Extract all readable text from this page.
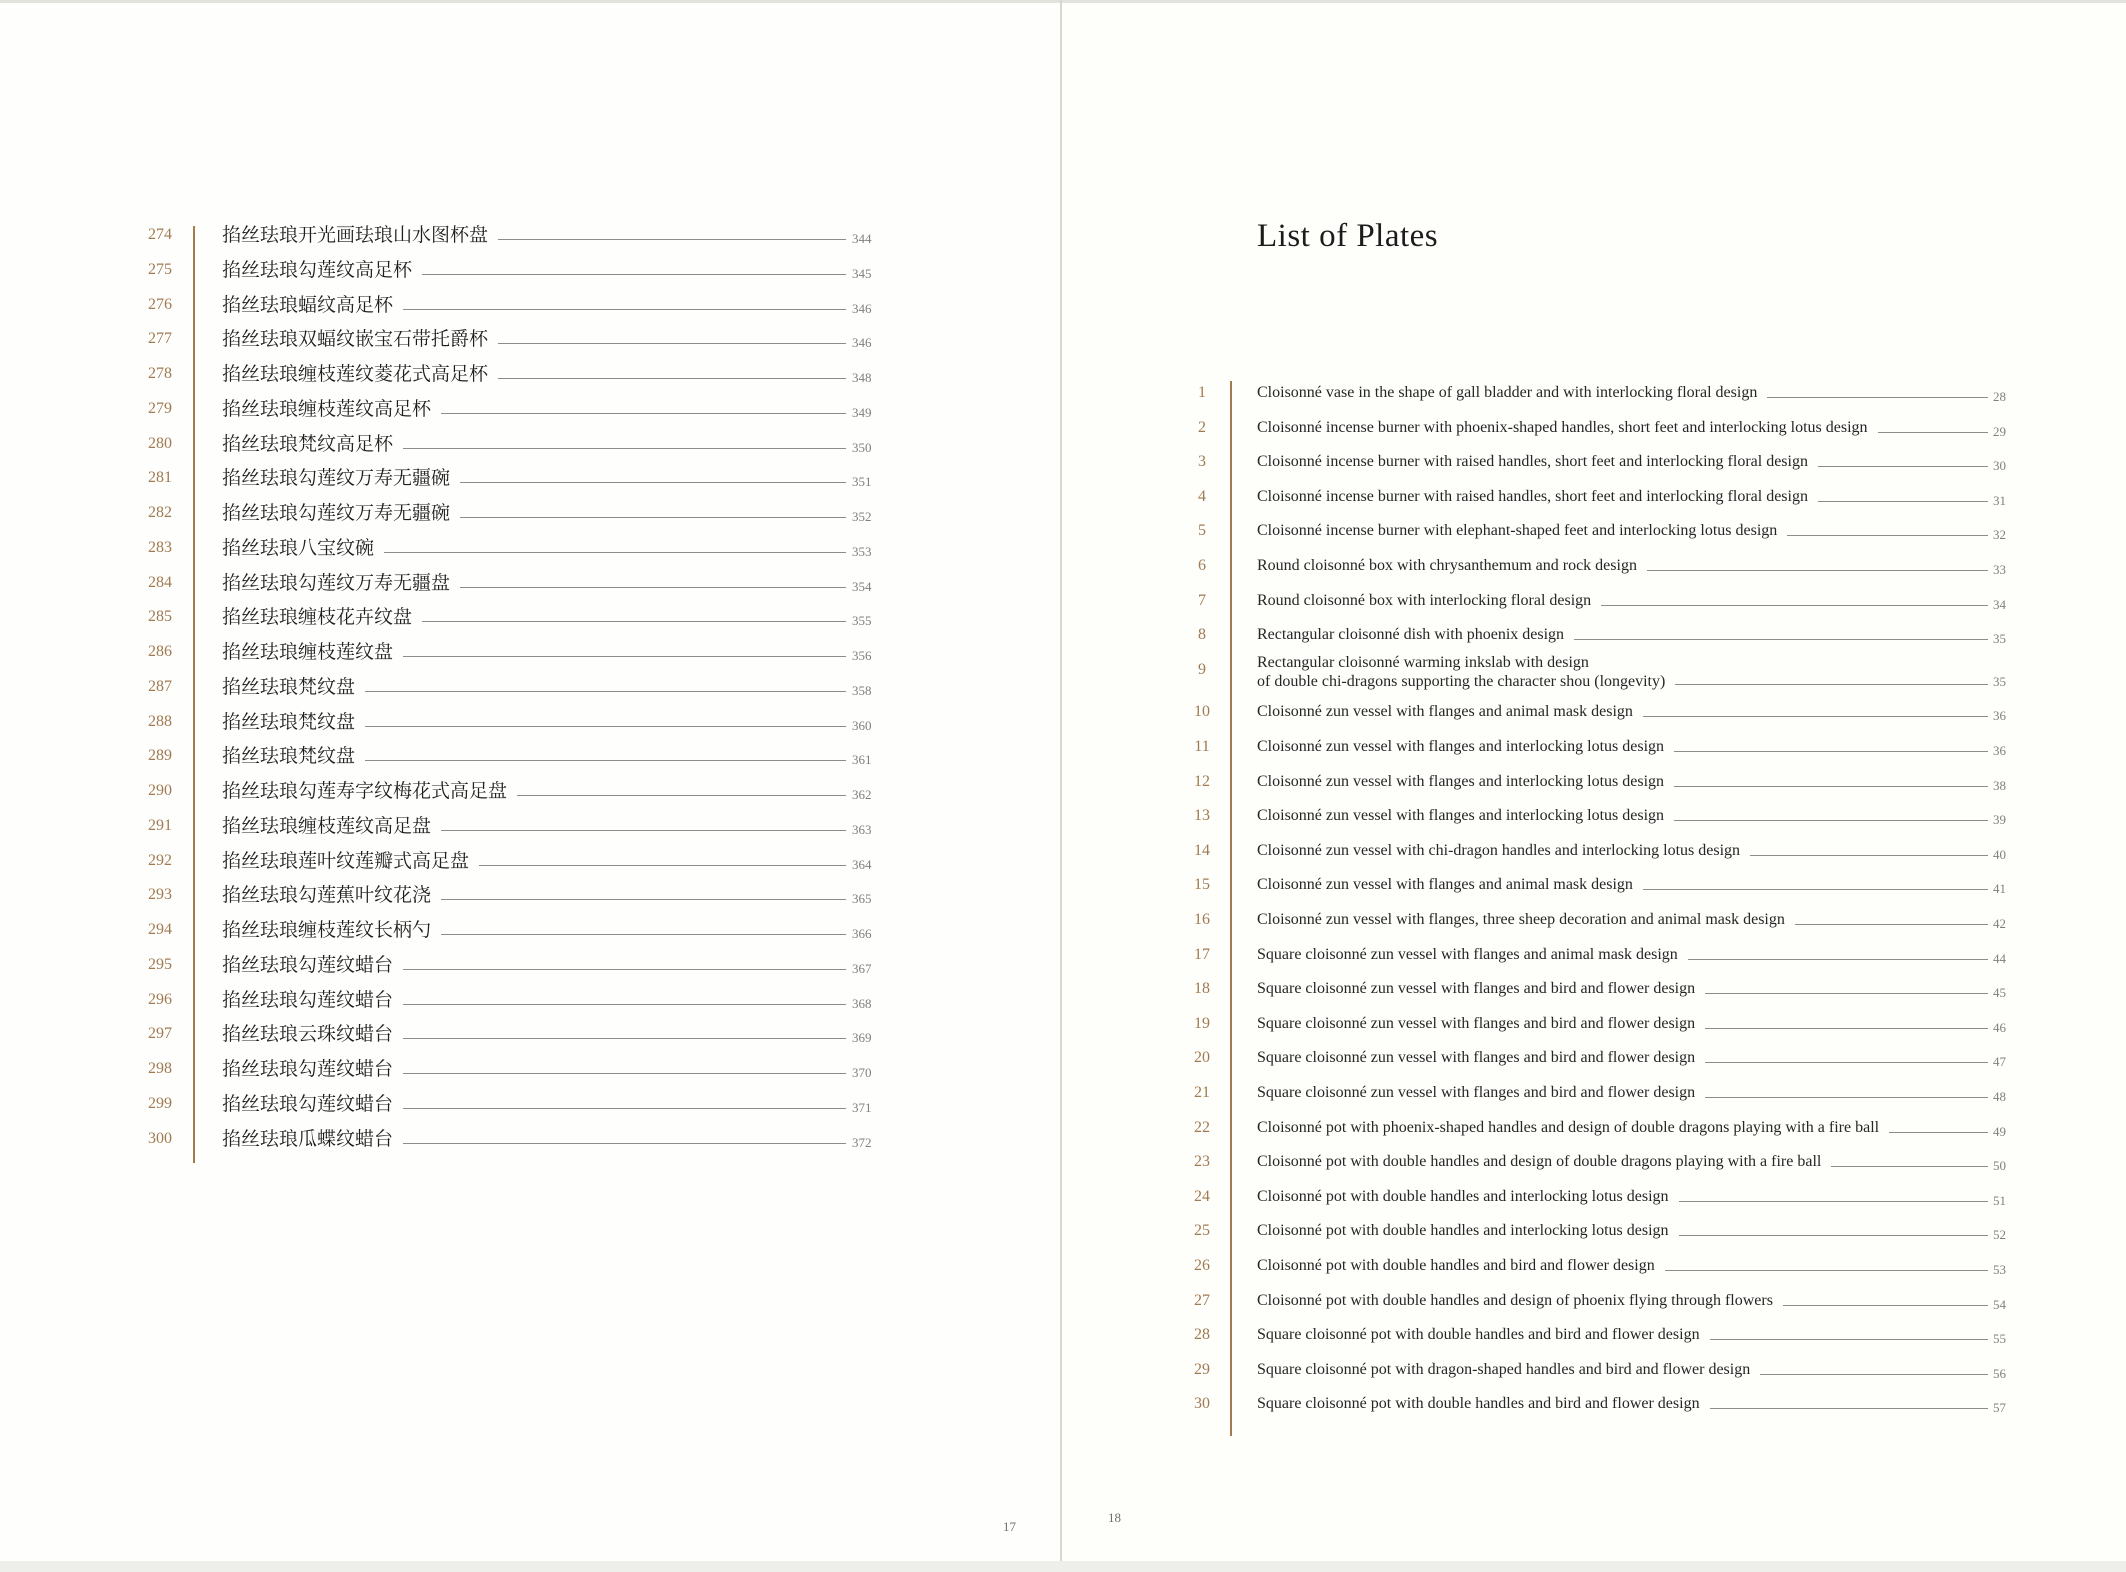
274	掐丝珐琅开光画珐琅山水图杯盘	344
275	掐丝珐琅勾莲纹高足杯	345
276	掐丝珐琅蝠纹高足杯	346
277	掐丝珐琅双蝠纹嵌宝石带托爵杯	346
278	掐丝珐琅缠枝莲纹菱花式高足杯	348
279	掐丝珐琅缠枝莲纹高足杯	349
280	掐丝珐琅梵纹高足杯	350
281	掐丝珐琅勾莲纹万寿无疆碗	351
282	掐丝珐琅勾莲纹万寿无疆碗	352
283	掐丝珐琅八宝纹碗	353
284	掐丝珐琅勾莲纹万寿无疆盘	354
285	掐丝珐琅缠枝花卉纹盘	355
286	掐丝珐琅缠枝莲纹盘	356
287	掐丝珐琅梵纹盘	358
288	掐丝珐琅梵纹盘	360
289	掐丝珐琅梵纹盘	361
290	掐丝珐琅勾莲寿字纹梅花式高足盘	362
291	掐丝珐琅缠枝莲纹高足盘	363
292	掐丝珐琅莲叶纹莲瓣式高足盘	364
293	掐丝珐琅勾莲蕉叶纹花浇	365
294	掐丝珐琅缠枝莲纹长柄勺	366
295	掐丝珐琅勾莲纹蜡台	367
296	掐丝珐琅勾莲纹蜡台	368
297	掐丝珐琅云珠纹蜡台	369
298	掐丝珐琅勾莲纹蜡台	370
299	掐丝珐琅勾莲纹蜡台	371
300	掐丝珐琅瓜蝶纹蜡台	372
17
List of Plates
1	Cloisonné vase in the shape of gall bladder and with interlocking floral design	28
2	Cloisonné incense burner with phoenix-shaped handles, short feet and interlocking lotus design	29
3	Cloisonné incense burner with raised handles, short feet and interlocking floral design	30
4	Cloisonné incense burner with raised handles, short feet and interlocking floral design	31
5	Cloisonné incense burner with elephant-shaped feet and interlocking lotus design	32
6	Round cloisonné box with chrysanthemum and rock design	33
7	Round cloisonné box with interlocking floral design	34
8	Rectangular cloisonné dish with phoenix design	35
9	Rectangular cloisonné warming inkslab with design
of double chi-dragons supporting the character shou (longevity)	35
10	Cloisonné zun vessel with flanges and animal mask design	36
11	Cloisonné zun vessel with flanges and interlocking lotus design	36
12	Cloisonné zun vessel with flanges and interlocking lotus design	38
13	Cloisonné zun vessel with flanges and interlocking lotus design	39
14	Cloisonné zun vessel with chi-dragon handles and interlocking lotus design	40
15	Cloisonné zun vessel with flanges and animal mask design	41
16	Cloisonné zun vessel with flanges, three sheep decoration and animal mask design	42
17	Square cloisonné zun vessel with flanges and animal mask design	44
18	Square cloisonné zun vessel with flanges and bird and flower design	45
19	Square cloisonné zun vessel with flanges and bird and flower design	46
20	Square cloisonné zun vessel with flanges and bird and flower design	47
21	Square cloisonné zun vessel with flanges and bird and flower design	48
22	Cloisonné pot with phoenix-shaped handles and design of double dragons playing with a fire ball	49
23	Cloisonné pot with double handles and design of double dragons playing with a fire ball	50
24	Cloisonné pot with double handles and interlocking lotus design	51
25	Cloisonné pot with double handles and interlocking lotus design	52
26	Cloisonné pot with double handles and bird and flower design	53
27	Cloisonné pot with double handles and design of phoenix flying through flowers	54
28	Square cloisonné pot with double handles and bird and flower design	55
29	Square cloisonné pot with dragon-shaped handles and bird and flower design	56
30	Square cloisonné pot with double handles and bird and flower design	57
18
